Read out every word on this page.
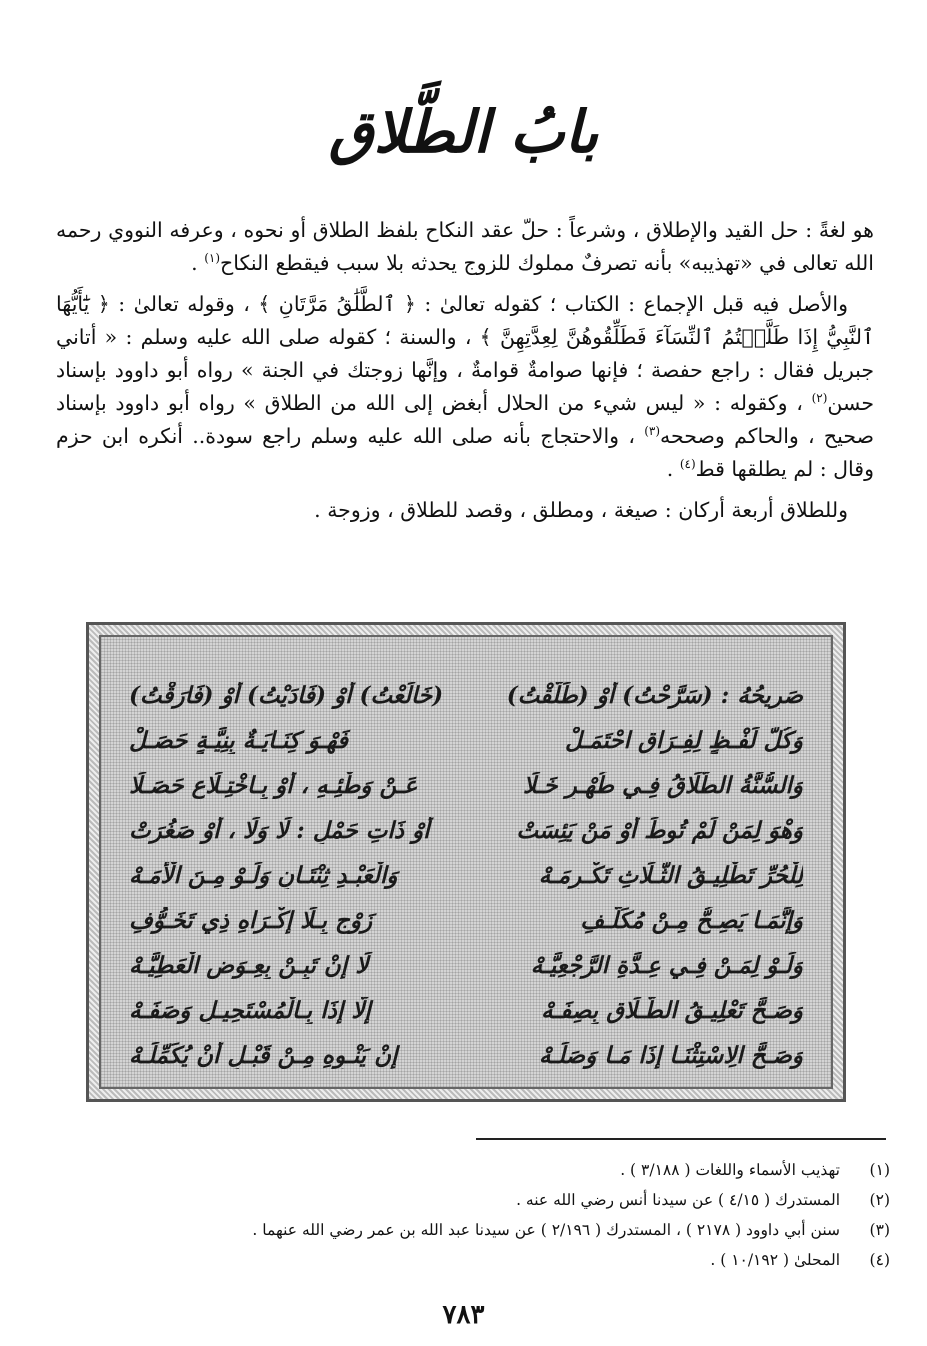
بابُ الطَّلاق

هو لغةً : حل القيد والإطلاق ، وشرعاً : حلّ عقد النكاح بلفظ الطلاق أو نحوه ، وعرفه النووي رحمه الله تعالى في «تهذيبه» بأنه تصرفٌ مملوك للزوج يحدثه بلا سبب فيقطع النكاح$^{(١)}$ .

والأصل فيه قبل الإجماع : الكتاب ؛ كقوله تعالىٰ : ﴿ ٱلطَّلَٰقُ مَرَّتَانِ ﴾ ، وقوله تعالىٰ : ﴿ يَٰٓأَيُّهَا ٱلنَّبِيُّ إِذَا طَلَّقۡتُمُ ٱلنِّسَآءَ فَطَلِّقُوهُنَّ لِعِدَّتِهِنَّ ﴾ ، والسنة ؛ كقوله صلى الله عليه وسلم : « أتاني جبريل فقال : راجع حفصة ؛ فإنها صوامةٌ قوامةٌ ، وإنَّها زوجتك في الجنة » رواه أبو داوود بإسناد حسن$^{(٢)}$ ، وكقوله : « ليس شيء من الحلال أبغض إلى الله من الطلاق » رواه أبو داوود بإسناد صحيح ، والحاكم وصححه$^{(٣)}$ ، والاحتجاج بأنه صلى الله عليه وسلم راجع سودة.. أنكره ابن حزم وقال : لم يطلقها قط$^{(٤)}$ .

وللطلاق أربعة أركان : صيغة ، ومطلق ، وقصد للطلاق ، وزوجة .

صَرِيحُهُ : (سَرَّحْتُ) أَوْ (طَلَّقْتُ)
(خَالَعْتُ) أَوْ (فَادَيْتُ) أَوْ (فَارَقْتُ)
وَكُلُّ لَفْـظٍ لِفِـرَاقٍ احْتَمَـلْ
فَهْـوَ كِنَـايَـةٌ بِنِيَّـةٍ حَصَـلْ
وَالسُّنَّةُ الطَّلَاقُ فِـي طُهْـرٍ خَـلَا
عَـنْ وَطْئِـهِ ، أَوْ بِـاخْتِـلَاعٍ حَصَـلَا
وَهْوَ لِمَنْ لَمْ تُوطَ أَوْ مَنْ يَئِسَتْ
أَوْ ذَاتِ حَمْلٍ : لَا وَلَا ، أَوْ صَغُرَتْ
لِلْحُرِّ تَطْلِيـقُ الثَّـلَاثِ تَكْـرِمَـهْ
وَالْعَبْـدِ ثِنْتَـانِ وَلَـوْ مِـنَ الْأَمَـهْ
وَإِنَّمَـا يَصِـحُّ مِـنْ مُكَلَّـفِ
زَوْجٍ بِـلَا إِكْـرَاهِ ذِي تَخَـوُّفِ
وَلَـوْ لِمَـنْ فِـي عِـدَّةِ الرَّجْعِيَّـهْ
لَا إِنْ تَبِـنْ بِعِـوَضِ الْعَطِيَّـهْ
وَصَـحَّ تَعْلِيـقُ الطَّـلَاقِ بِصِفَـهْ
إِلَّا إِذَا بِـالْمُسْتَحِيـلِ وَصَفَـهْ
وَصَـحَّ الِاسْتِثْنَـا إِذَا مَـا وَصَلَـهْ
إِنْ يَنْـوِهِ مِـنْ قَبْـلِ أَنْ يُكَمِّلَـهْ
(١)
تهذيب الأسماء واللغات ( ٣/١٨٨ ) .
(٢)
المستدرك ( ٤/١٥ ) عن سيدنا أنس رضي الله عنه .
(٣)
سنن أبي داوود ( ٢١٧٨ ) ، المستدرك ( ٢/١٩٦ ) عن سيدنا عبد الله بن عمر رضي الله عنهما .
(٤)
المحلىٰ ( ١٠/١٩٢ ) .
٧٨٣
